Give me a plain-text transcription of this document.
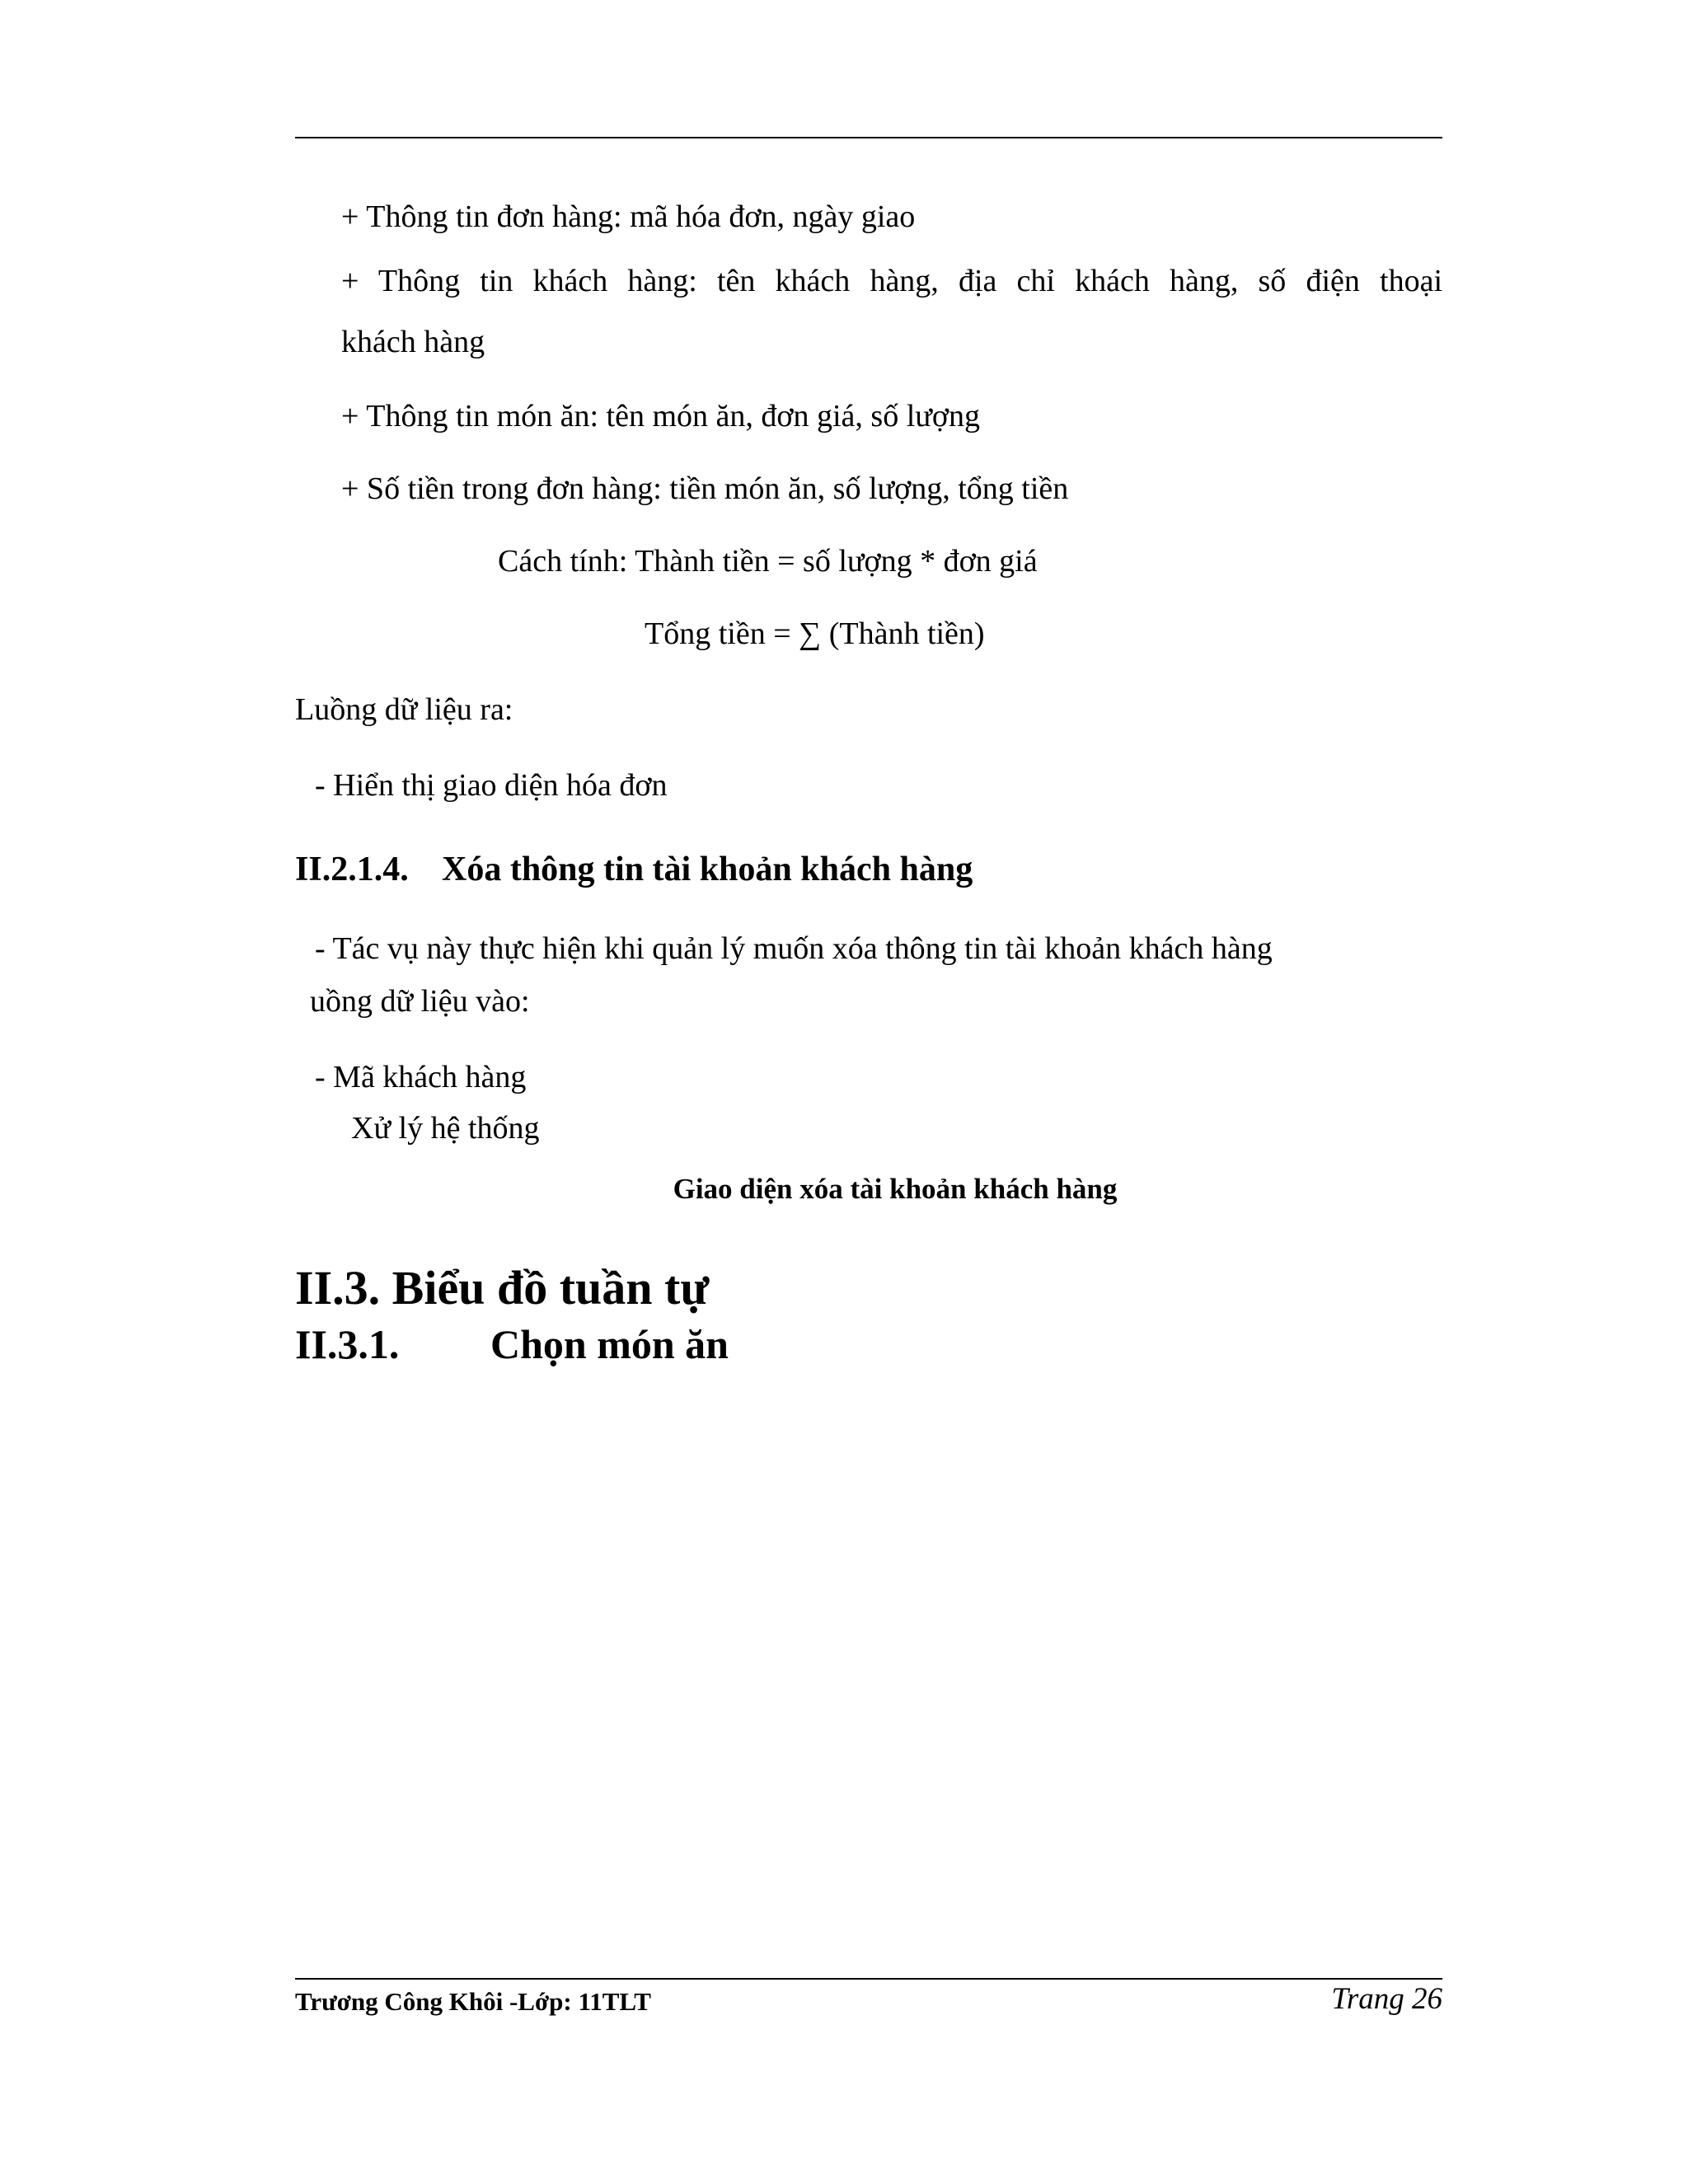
+ Thông tin đơn hàng: mã hóa đơn, ngày giao
+ Thông tin khách hàng: tên khách hàng, địa chỉ khách hàng, số điện thoại
khách hàng
+ Thông tin món ăn: tên món ăn, đơn giá, số lượng
+ Số tiền trong đơn hàng: tiền món ăn, số lượng, tổng tiền
Cách tính: Thành tiền = số lượng * đơn giá
Tổng tiền = ∑ (Thành tiền)
Luồng dữ liệu ra:
- Hiển thị giao diện hóa đơn
II.2.1.4. Xóa thông tin tài khoản khách hàng
- Tác vụ này thực hiện khi quản lý muốn xóa thông tin tài khoản khách hàng
uồng dữ liệu vào:
- Mã khách hàng
Xử lý hệ thống
Giao diện xóa tài khoản khách hàng
II.3. Biểu đồ tuần tự
II.3.1. Chọn món ăn
Trương Công Khôi -Lớp: 11TLT	Trang 26
